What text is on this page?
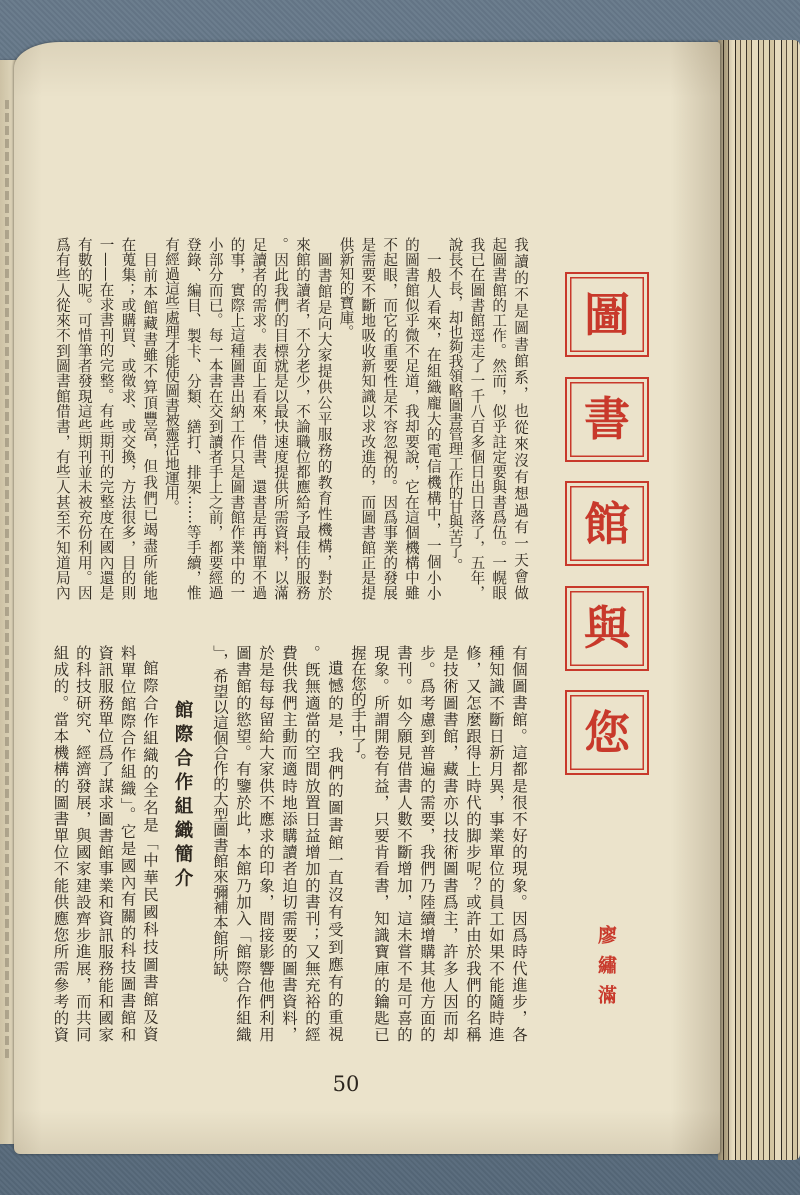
圖
書
館
與
您
廖繡滿
我讀的不是圖書館系，也從來沒有想過有一天會做
起圖書館的工作。然而，似乎註定要與書爲伍。一幌眼
我已在圖書館逕走了一千八百多個日出日落了，五年，
說長不長，却也夠我領略圖書管理工作的甘與苦了。
一般人看來，在組織龐大的電信機構中，一個小小
的圖書館似乎微不足道，我却要說，它在這個機構中雖
不起眼，而它的重要性是不容忽視的。因爲事業的發展
是需要不斷地吸收新知識以求改進的，而圖書館正是提
供新知的寶庫。
圖書館是向大家提供公平服務的教育性機構，對於
來館的讀者，不分老少，不論職位都應給予最佳的服務
。因此我們的目標就是以最快速度提供所需資料，以滿
足讀者的需求。表面上看來，借書、還書是再簡單不過
的事，實際上這種圖書出納工作只是圖書館作業中的一
小部分而已。每一本書在交到讀者手上之前，都要經過
登錄、編目、製卡、分類、繕打、排架……等手續，惟
有經過這些處理才能使圖書被靈活地運用。
目前本館藏書雖不算頂豐富，但我們已竭盡所能地
在蒐集；或購買、或徵求、或交換，方法很多，目的則
一——在求書刊的完整。有些期刊的完整度在國內還是
有數的呢。可惜筆者發現這些期刊並未被充份利用。因
爲有些人從來不到圖書館借書，有些人甚至不知道局內
有個圖書館。這都是很不好的現象。因爲時代進步，各
種知識不斷日新月異，事業單位的員工如果不能隨時進
修，又怎麼跟得上時代的脚步呢？或許由於我們的名稱
是技術圖書館，藏書亦以技術圖書爲主，許多人因而却
步。爲考慮到普遍的需要，我們乃陸續增購其他方面的
書刊。如今願見借書人數不斷增加，這未嘗不是可喜的
現象。所謂開卷有益，只要肯看書，知識寶庫的鑰匙已
握在您的手中了。
遺憾的是，我們的圖書館一直沒有受到應有的重視
。旣無適當的空間放置日益增加的書刊；又無充裕的經
費供我們主動而適時地添購讀者迫切需要的圖書資料，
於是每每留給大家供不應求的印象，間接影響他們利用
圖書館的慾望。有鑒於此，本館乃加入「館際合作組織
」，希望以這個合作的大型圖書館來彌補本館所缺。
館際合作組織簡介
館際合作組織的全名是「中華民國科技圖書館及資
料單位館際合作組織」。它是國內有關的科技圖書館和
資訊服務單位爲了謀求圖書館事業和資訊服務能和國家
的科技研究、經濟發展，與國家建設齊步進展，而共同
組成的。當本機構的圖書單位不能供應您所需參考的資
50
